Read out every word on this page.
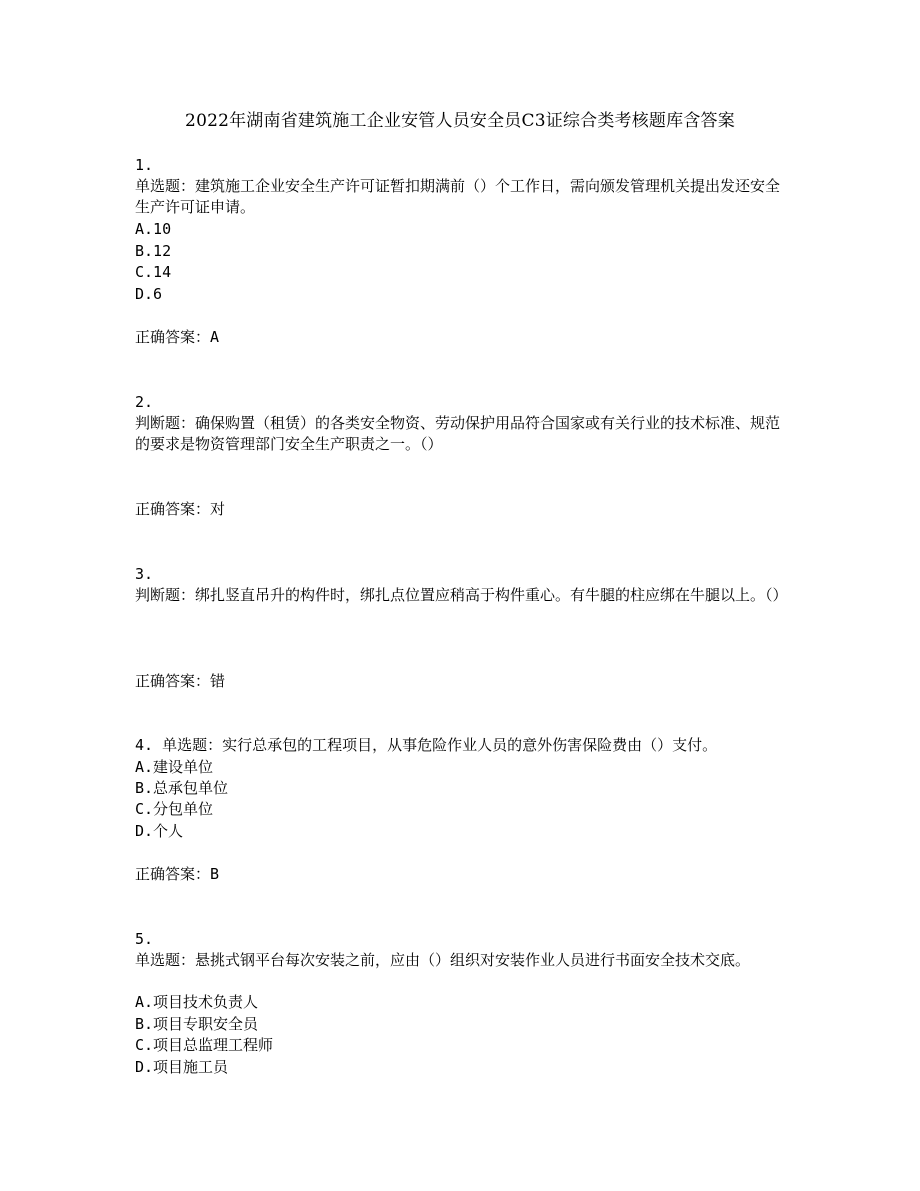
2022年湖南省建筑施工企业安管人员安全员C3证综合类考核题库含答案
1.
单选题：建筑施工企业安全生产许可证暂扣期满前（）个工作日，需向颁发管理机关提出发还安全生产许可证申请。
A.10
B.12
C.14
D.6
正确答案：A
2.
判断题：确保购置（租赁）的各类安全物资、劳动保护用品符合国家或有关行业的技术标准、规范的要求是物资管理部门安全生产职责之一。（）
正确答案：对
3.
判断题：绑扎竖直吊升的构件时，绑扎点位置应稍高于构件重心。有牛腿的柱应绑在牛腿以上。（）
正确答案：错
4. 单选题：实行总承包的工程项目，从事危险作业人员的意外伤害保险费由（）支付。
A.建设单位
B.总承包单位
C.分包单位
D.个人
正确答案：B
5.
单选题：悬挑式钢平台每次安装之前，应由（）组织对安装作业人员进行书面安全技术交底。
A.项目技术负责人
B.项目专职安全员
C.项目总监理工程师
D.项目施工员
